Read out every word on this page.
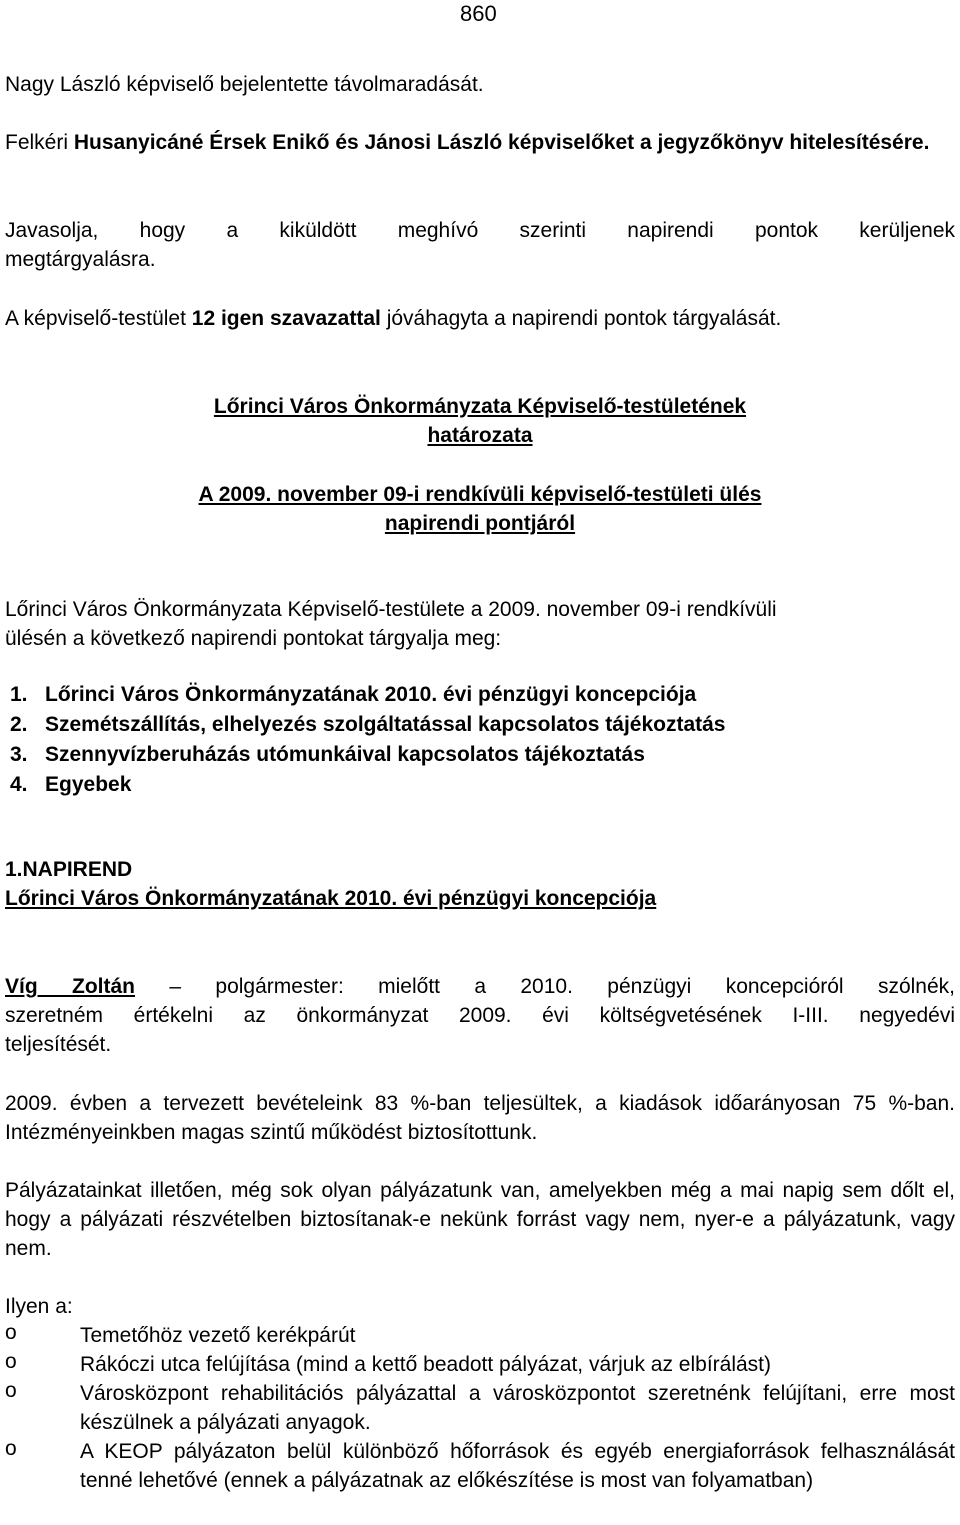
860

Nagy László képviselő bejelentette távolmaradását.

Felkéri Husanyicáné Érsek Enikő és Jánosi László képviselőket a jegyzőkönyv hitelesítésére.

Javasolja, hogy a kiküldött meghívó szerinti napirendi pontok kerüljenek

megtárgyalásra.

A képviselő-testület 12 igen szavazattal jóváhagyta a napirendi pontok tárgyalását.

Lőrinci Város Önkormányzata Képviselő-testületének

határozata

A 2009. november 09-i rendkívüli képviselő-testületi ülés

napirendi pontjáról

Lőrinci Város Önkormányzata Képviselő-testülete a 2009. november 09-i rendkívüli

ülésén a következő napirendi pontokat tárgyalja meg:

1. Lőrinci Város Önkormányzatának 2010. évi pénzügyi koncepciója
2. Szemétszállítás, elhelyezés szolgáltatással kapcsolatos tájékoztatás
3. Szennyvízberuházás utómunkáival kapcsolatos tájékoztatás
4. Egyebek

1.NAPIREND

Lőrinci Város Önkormányzatának 2010. évi pénzügyi koncepciója

Víg Zoltán – polgármester: mielőtt a 2010. pénzügyi koncepcióról szólnék,

szeretném értékelni az önkormányzat 2009. évi költségvetésének I-III. negyedévi

teljesítését.

2009. évben a tervezett bevételeink 83 %-ban teljesültek, a kiadások időarányosan 75 %-ban. Intézményeinkben magas szintű működést biztosítottunk.

Pályázatainkat illetően, még sok olyan pályázatunk van, amelyekben még a mai napig sem dőlt el, hogy a pályázati részvételben biztosítanak-e nekünk forrást vagy nem, nyer-e a pályázatunk, vagy nem.

Ilyen a:

o	Temetőhöz vezető kerékpárút

o	Rákóczi utca felújítása (mind a kettő beadott pályázat, várjuk az elbírálást)

o	Városközpont rehabilitációs pályázattal a városközpontot szeretnénk felújítani, erre most készülnek a pályázati anyagok.

o	A KEOP pályázaton belül különböző hőforrások és egyéb energiaforrások felhasználását tenné lehetővé (ennek a pályázatnak az előkészítése is most van folyamatban)
